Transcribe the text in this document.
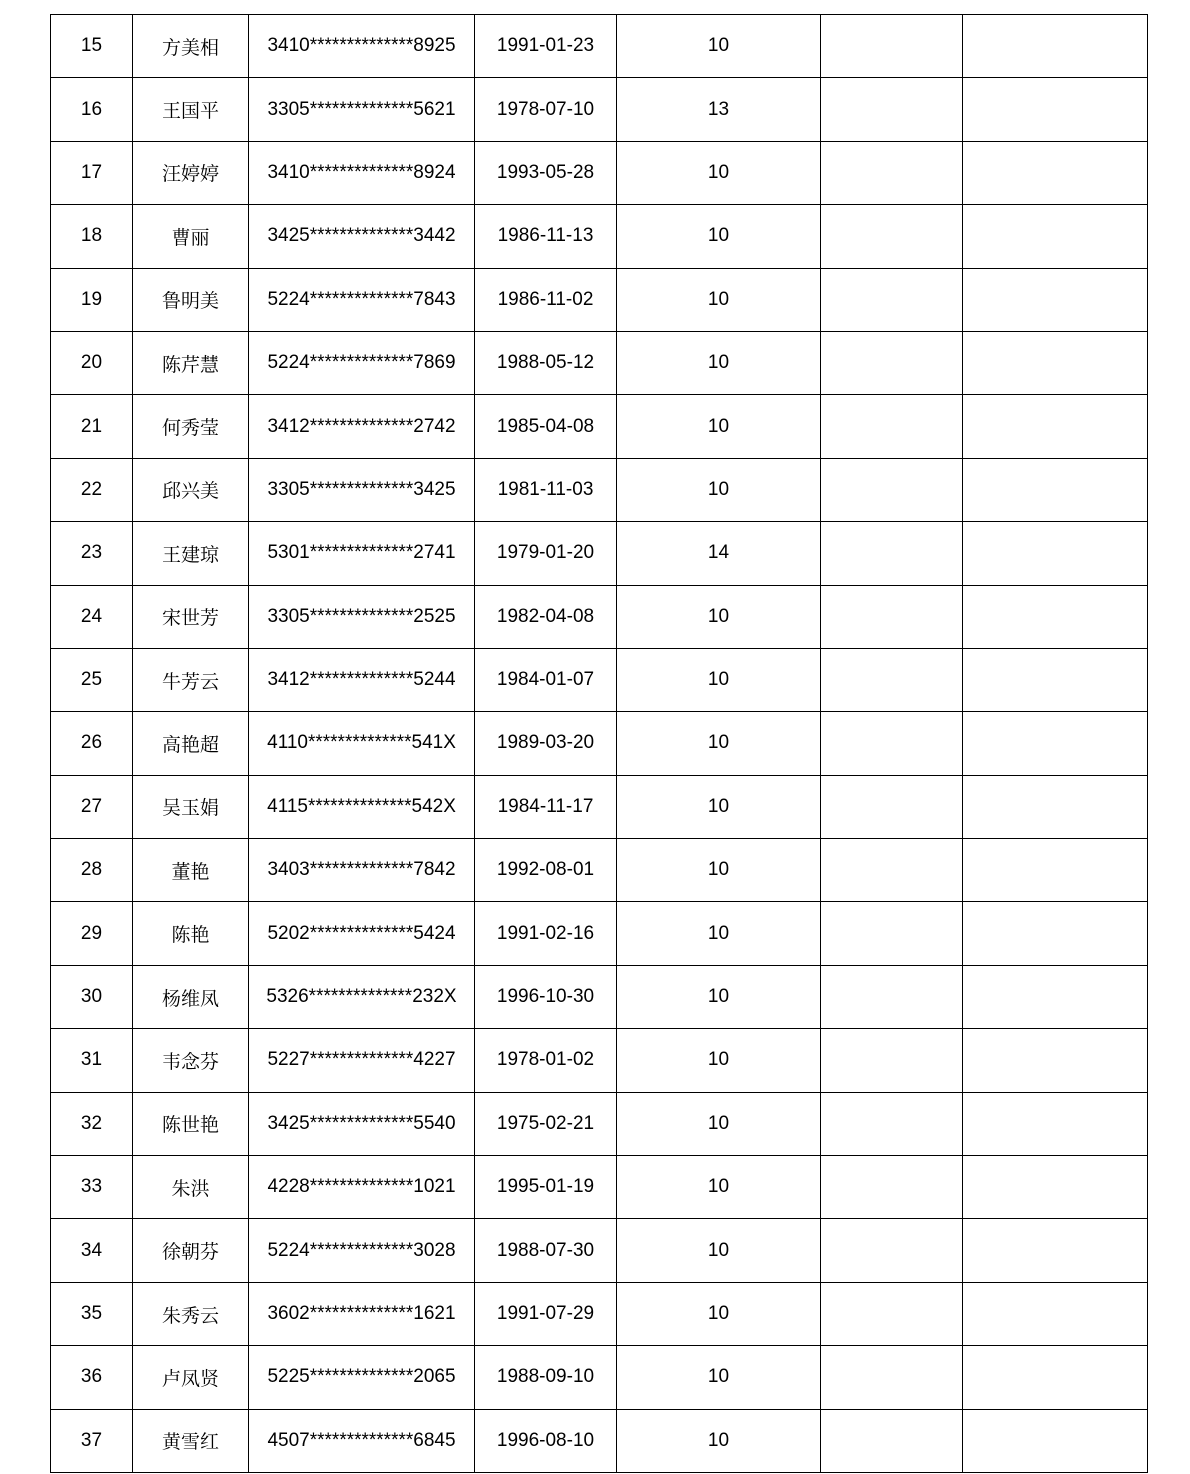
15	方美相	3410**************8925	1991-01-23	10		
16	王国平	3305**************5621	1978-07-10	13		
17	汪婷婷	3410**************8924	1993-05-28	10		
18	曹丽	3425**************3442	1986-11-13	10		
19	鲁明美	5224**************7843	1986-11-02	10		
20	陈芹慧	5224**************7869	1988-05-12	10		
21	何秀莹	3412**************2742	1985-04-08	10		
22	邱兴美	3305**************3425	1981-11-03	10		
23	王建琼	5301**************2741	1979-01-20	14		
24	宋世芳	3305**************2525	1982-04-08	10		
25	牛芳云	3412**************5244	1984-01-07	10		
26	高艳超	4110**************541X	1989-03-20	10		
27	吴玉娟	4115**************542X	1984-11-17	10		
28	董艳	3403**************7842	1992-08-01	10		
29	陈艳	5202**************5424	1991-02-16	10		
30	杨维凤	5326**************232X	1996-10-30	10		
31	韦念芬	5227**************4227	1978-01-02	10		
32	陈世艳	3425**************5540	1975-02-21	10		
33	朱洪	4228**************1021	1995-01-19	10		
34	徐朝芬	5224**************3028	1988-07-30	10		
35	朱秀云	3602**************1621	1991-07-29	10		
36	卢凤贤	5225**************2065	1988-09-10	10		
37	黄雪红	4507**************6845	1996-08-10	10		
